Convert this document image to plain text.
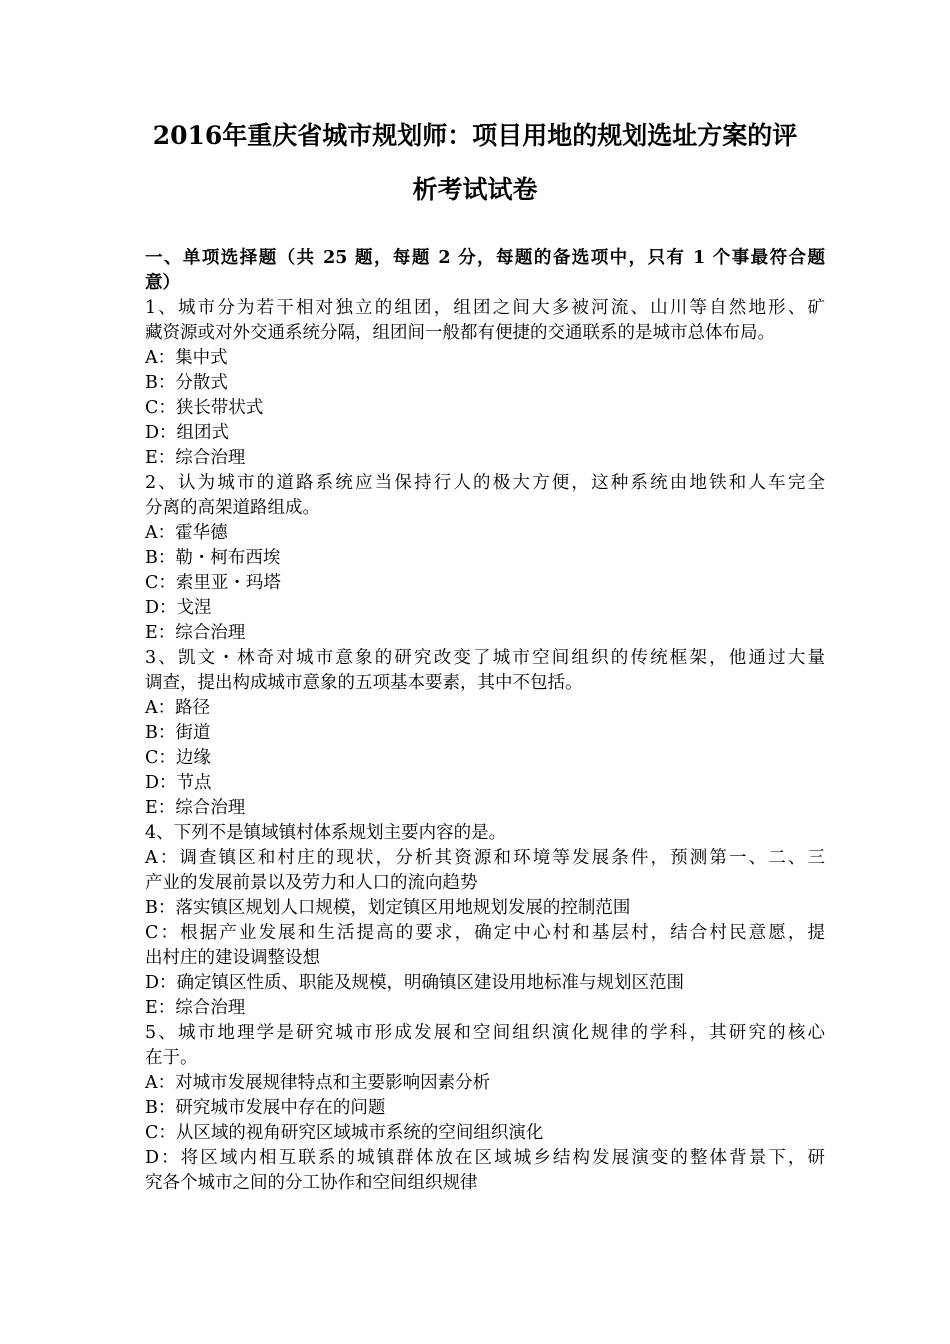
2016年重庆省城市规划师：项目用地的规划选址方案的评
析考试试卷
一、单项选择题（共 25 题，每题 2 分，每题的备选项中，只有 1 个事最符合题
意）
1、城市分为若干相对独立的组团，组团之间大多被河流、山川等自然地形、矿
藏资源或对外交通系统分隔，组团间一般都有便捷的交通联系的是城市总体布局。
A：集中式
B：分散式
C：狭长带状式
D：组团式
E：综合治理
2、认为城市的道路系统应当保持行人的极大方便，这种系统由地铁和人车完全
分离的高架道路组成。
A：霍华德
B：勒・柯布西埃
C：索里亚・玛塔
D：戈涅
E：综合治理
3、凯文・林奇对城市意象的研究改变了城市空间组织的传统框架，他通过大量
调查，提出构成城市意象的五项基本要素，其中不包括。
A：路径
B：街道
C：边缘
D：节点
E：综合治理
4、下列不是镇域镇村体系规划主要内容的是。
A：调查镇区和村庄的现状，分析其资源和环境等发展条件，预测第一、二、三
产业的发展前景以及劳力和人口的流向趋势
B：落实镇区规划人口规模，划定镇区用地规划发展的控制范围
C：根据产业发展和生活提高的要求，确定中心村和基层村，结合村民意愿，提
出村庄的建设调整设想
D：确定镇区性质、职能及规模，明确镇区建设用地标准与规划区范围
E：综合治理
5、城市地理学是研究城市形成发展和空间组织演化规律的学科，其研究的核心
在于。
A：对城市发展规律特点和主要影响因素分析
B：研究城市发展中存在的问题
C：从区域的视角研究区域城市系统的空间组织演化
D：将区域内相互联系的城镇群体放在区域城乡结构发展演变的整体背景下，研
究各个城市之间的分工协作和空间组织规律
